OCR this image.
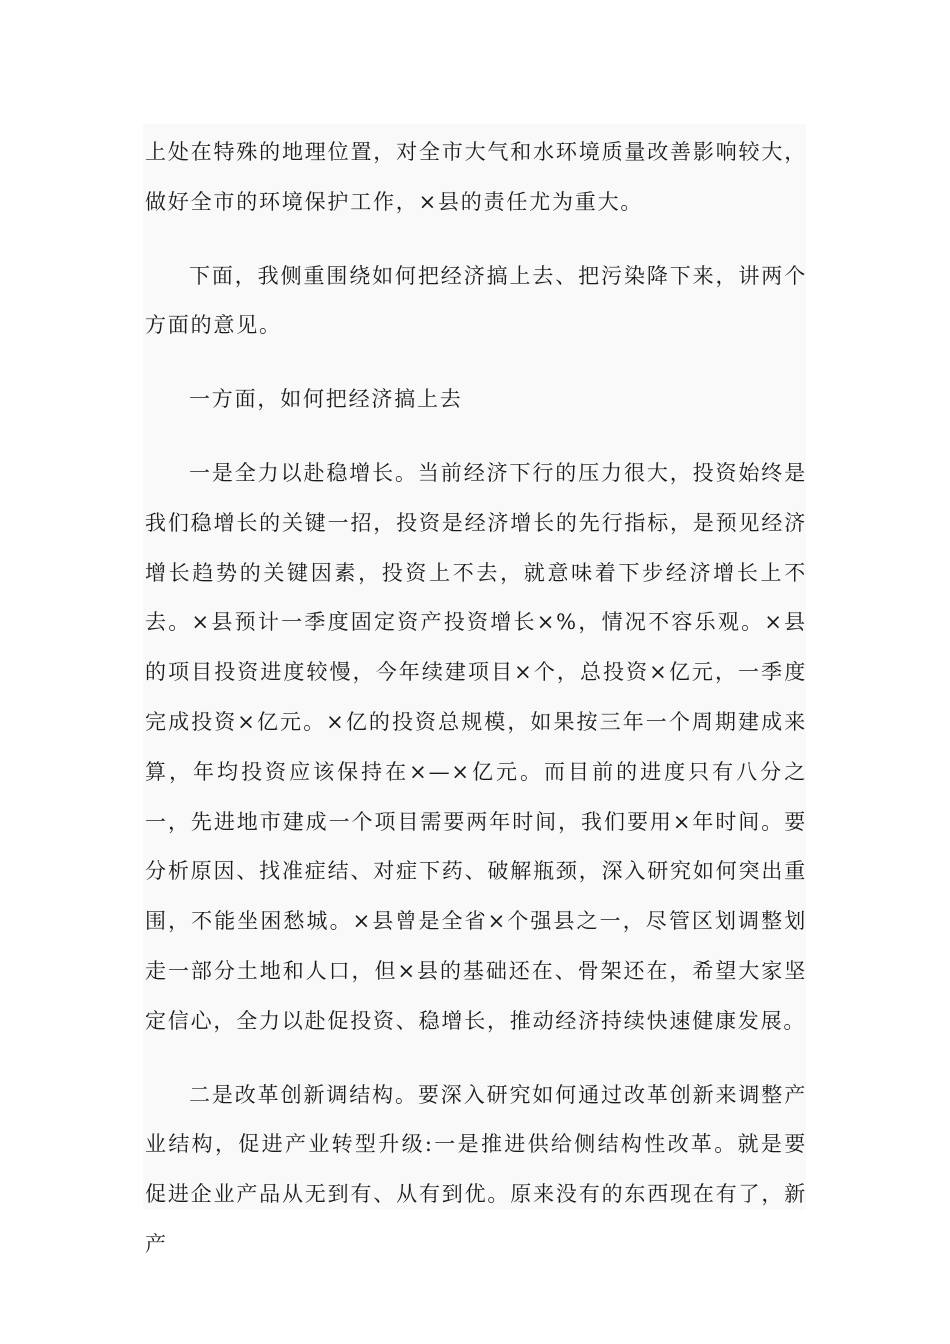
上处在特殊的地理位置，对全市大气和水环境质量改善影响较大，做好全市的环境保护工作，×县的责任尤为重大。

下面，我侧重围绕如何把经济搞上去、把污染降下来，讲两个方面的意见。

一方面，如何把经济搞上去

一是全力以赴稳增长。当前经济下行的压力很大，投资始终是我们稳增长的关键一招，投资是经济增长的先行指标，是预见经济增长趋势的关键因素，投资上不去，就意味着下步经济增长上不去。×县预计一季度固定资产投资增长×%，情况不容乐观。×县的项目投资进度较慢，今年续建项目×个，总投资×亿元，一季度完成投资×亿元。×亿的投资总规模，如果按三年一个周期建成来算，年均投资应该保持在×—×亿元。而目前的进度只有八分之一，先进地市建成一个项目需要两年时间，我们要用×年时间。要分析原因、找准症结、对症下药、破解瓶颈，深入研究如何突出重围，不能坐困愁城。×县曾是全省×个强县之一，尽管区划调整划走一部分土地和人口，但×县的基础还在、骨架还在，希望大家坚定信心，全力以赴促投资、稳增长，推动经济持续快速健康发展。

二是改革创新调结构。要深入研究如何通过改革创新来调整产业结构，促进产业转型升级:一是推进供给侧结构性改革。就是要促进企业产品从无到有、从有到优。原来没有的东西现在有了，新产
